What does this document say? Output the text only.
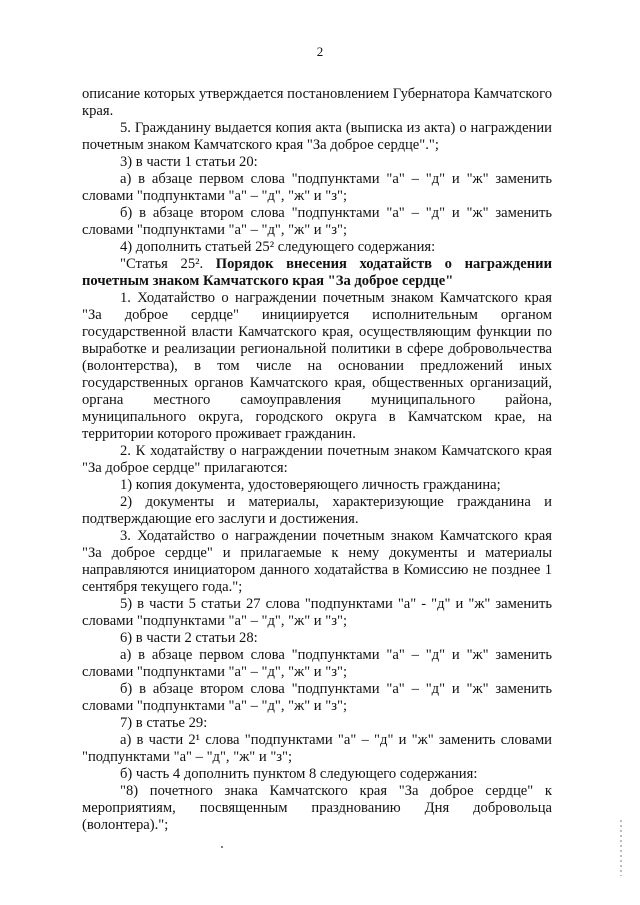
2

описание которых утверждается постановлением Губернатора Камчатского края.

5. Гражданину выдается копия акта (выписка из акта) о награждении почетным знаком Камчатского края "За доброе сердце".";

3) в части 1 статьи 20:

а) в абзаце первом слова "подпунктами "а" – "д" и "ж" заменить словами "подпунктами "а" – "д", "ж" и "з";

б) в абзаце втором слова "подпунктами "а" – "д" и "ж" заменить словами "подпунктами "а" – "д", "ж" и "з";

4) дополнить статьей 25² следующего содержания:

"Статья 25². Порядок внесения ходатайств о награждении почетным знаком Камчатского края "За доброе сердце"

1. Ходатайство о награждении почетным знаком Камчатского края "За доброе сердце" инициируется исполнительным органом государственной власти Камчатского края, осуществляющим функции по выработке и реализации региональной политики в сфере добровольчества (волонтерства), в том числе на основании предложений иных государственных органов Камчатского края, общественных организаций, органа местного самоуправления муниципального района, муниципального округа, городского округа в Камчатском крае, на территории которого проживает гражданин.

2. К ходатайству о награждении почетным знаком Камчатского края "За доброе сердце" прилагаются:

1) копия документа, удостоверяющего личность гражданина;

2) документы и материалы, характеризующие гражданина и подтверждающие его заслуги и достижения.

3. Ходатайство о награждении почетным знаком Камчатского края "За доброе сердце" и прилагаемые к нему документы и материалы направляются инициатором данного ходатайства в Комиссию не позднее 1 сентября текущего года.";

5) в части 5 статьи 27 слова "подпунктами "а" - "д" и "ж" заменить словами "подпунктами "а" – "д", "ж" и "з";

6) в части 2 статьи 28:

а) в абзаце первом слова "подпунктами "а" – "д" и "ж" заменить словами "подпунктами "а" – "д", "ж" и "з";

б) в абзаце втором слова "подпунктами "а" – "д" и "ж" заменить словами "подпунктами "а" – "д", "ж" и "з";

7) в статье 29:

а) в части 2¹ слова "подпунктами "а" – "д" и "ж" заменить словами "подпунктами "а" – "д", "ж" и "з";

б) часть 4 дополнить пунктом 8 следующего содержания:

"8) почетного знака Камчатского края "За доброе сердце" к мероприятиям, посвященным празднованию Дня добровольца (волонтера).";
